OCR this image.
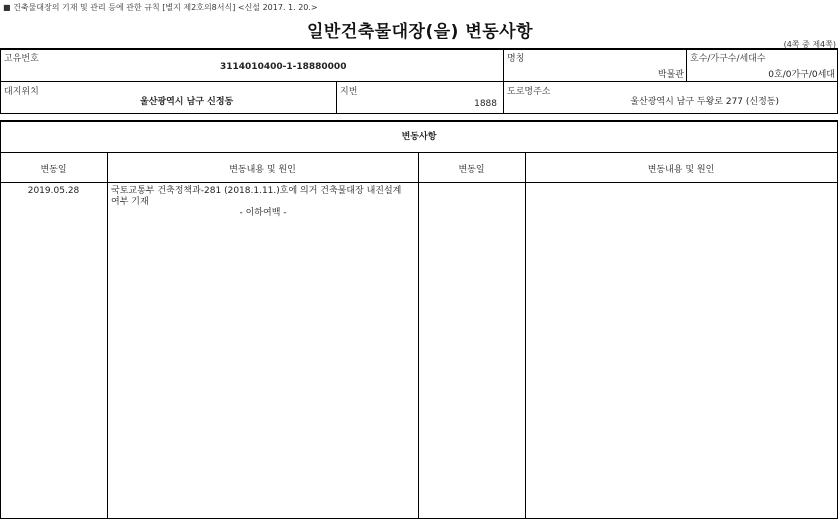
■ 건축물대장의 기재 및 관리 등에 관한 규칙 [별지 제2호의8서식] <신설 2017. 1. 20.>
일반건축물대장(을) 변동사항
(4쪽 중 제4쪽)
고유번호
3114010400-1-18880000
명칭
박물관
호수/가구수/세대수
0호/0가구/0세대
대지위치
울산광역시 남구 신정동
지번
1888
도로명주소
울산광역시 남구 두왕로 277 (신정동)
변동사항
변동일	변동내용 및 원인	변동일	변동내용 및 원인
2019.05.28	국토교통부 건축정책과-281 (2018.1.11.)호에 의거 건축물대장 내진설계
여부 기재
- 이하여백 -
